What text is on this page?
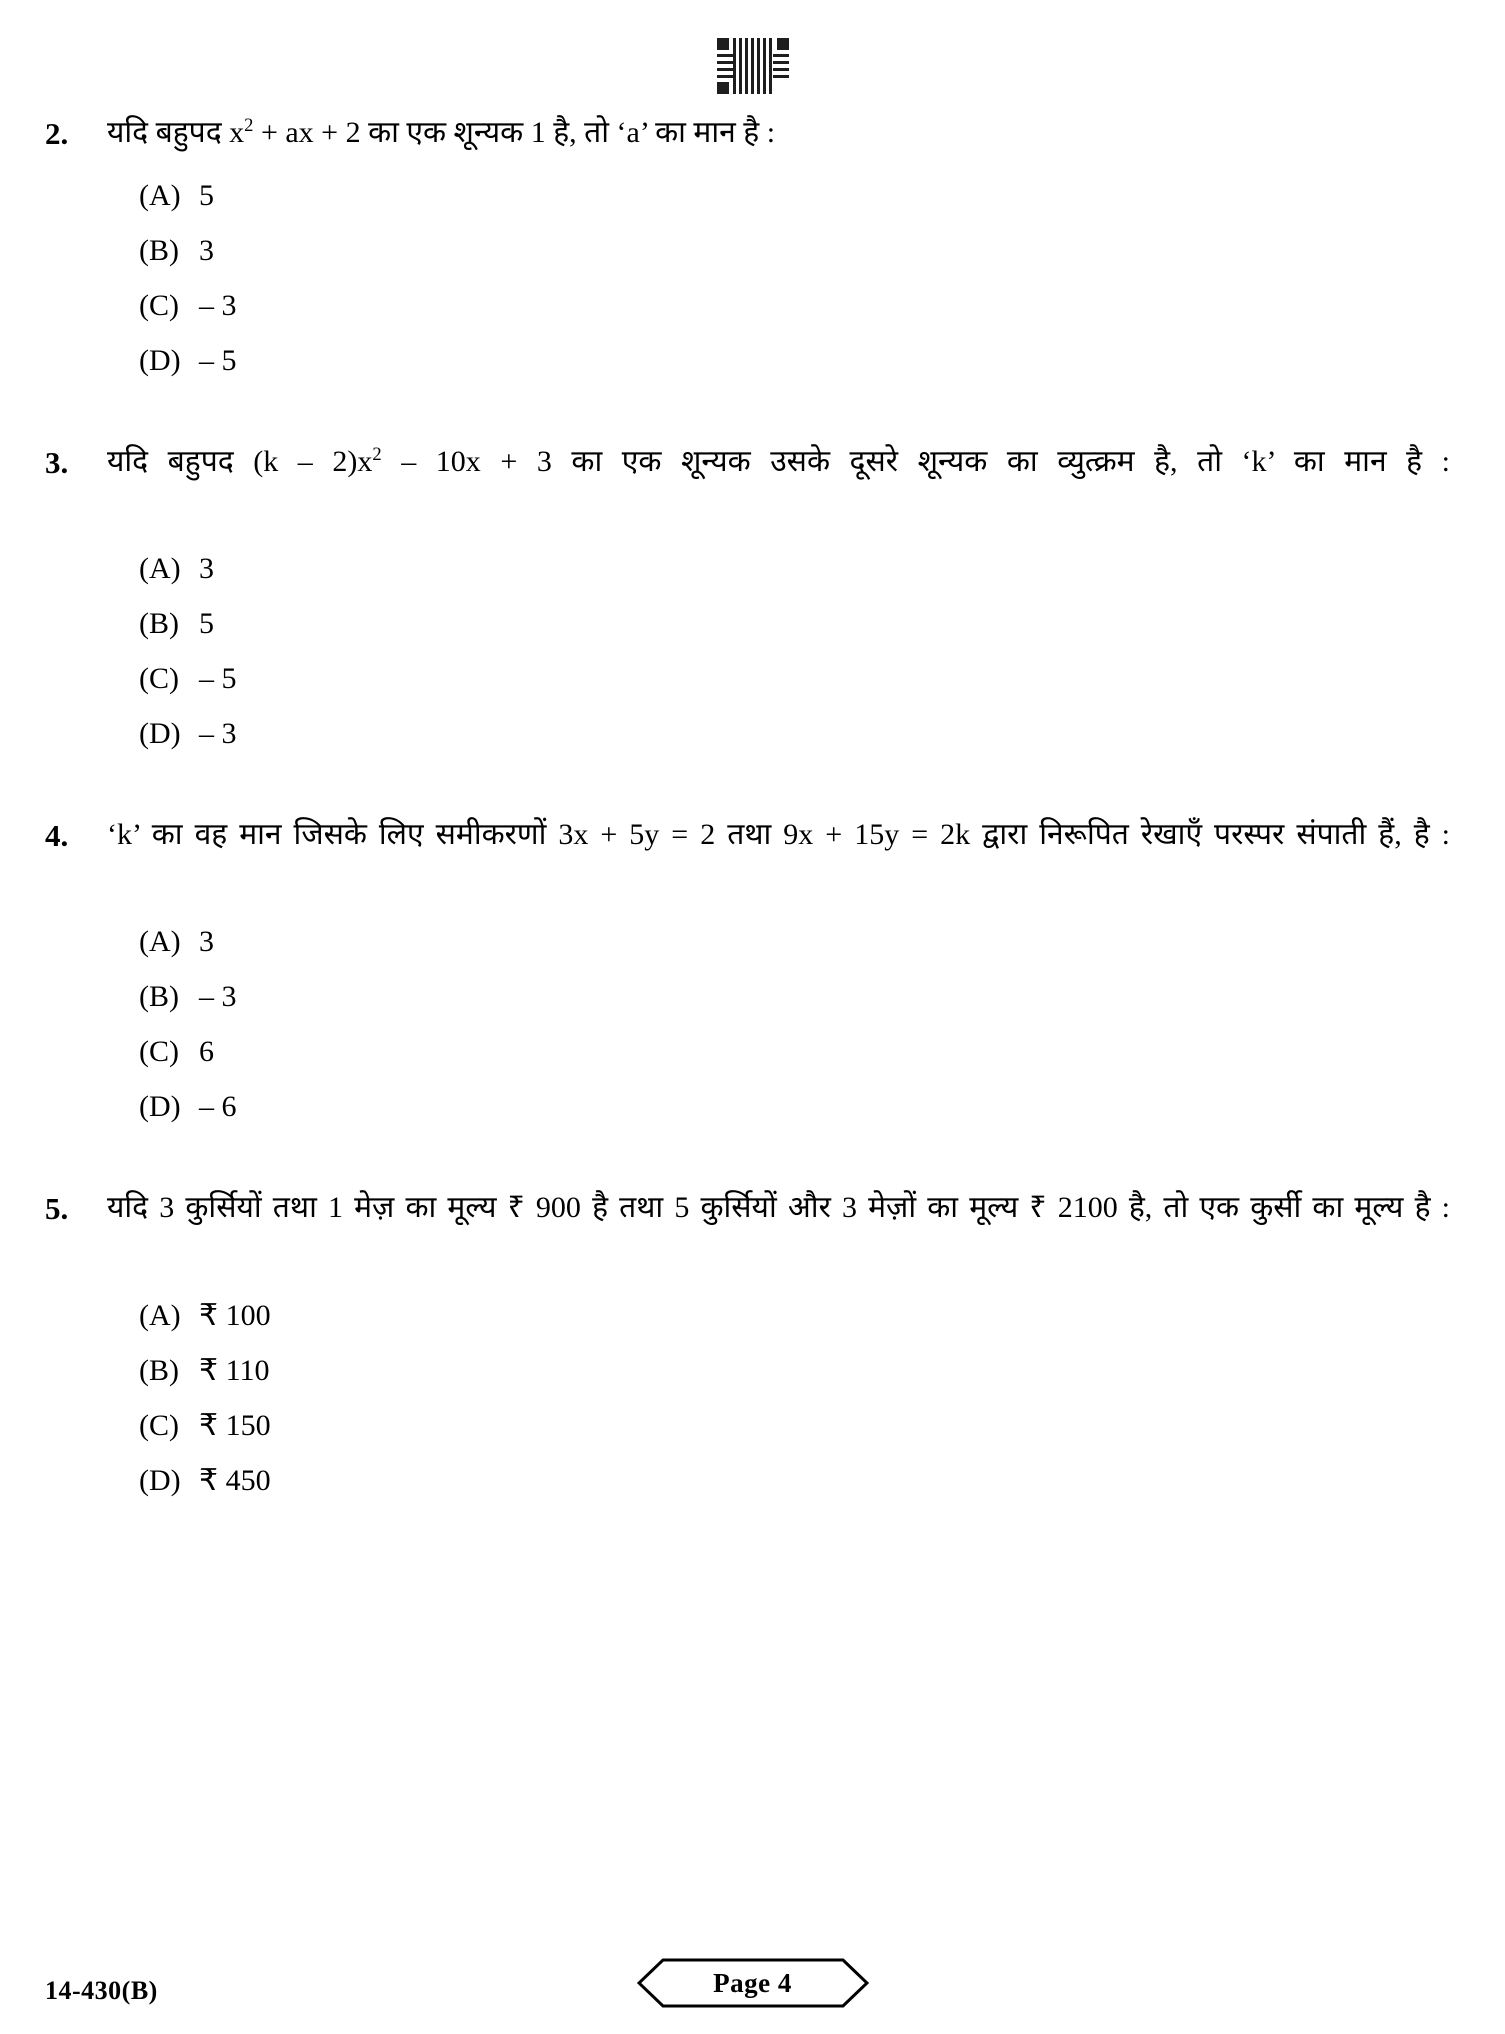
2.	यदि बहुपद $x^2$ + ax + 2 का एक शून्यक 1 है, तो ‘a’ का मान है :
(A) 5
(B) 3
(C) – 3
(D) – 5
3.	यदि बहुपद $(k - 2)x^2 - 10x + 3$ का एक शून्यक उसके दूसरे शून्यक का व्युत्क्रम है, तो ‘k’ का मान है :
(A) 3
(B) 5
(C) – 5
(D) – 3
4.	‘k’ का वह मान जिसके लिए समीकरणों 3x + 5y = 2 तथा 9x + 15y = 2k द्वारा निरूपित रेखाएँ परस्पर संपाती हैं, है :
(A) 3
(B) – 3
(C) 6
(D) – 6
5.	यदि 3 कुर्सियों तथा 1 मेज़ का मूल्य ₹ 900 है तथा 5 कुर्सियों और 3 मेज़ों का मूल्य ₹ 2100 है, तो एक कुर्सी का मूल्य है :
(A) ₹ 100
(B) ₹ 110
(C) ₹ 150
(D) ₹ 450
14-430(B)	Page 4
